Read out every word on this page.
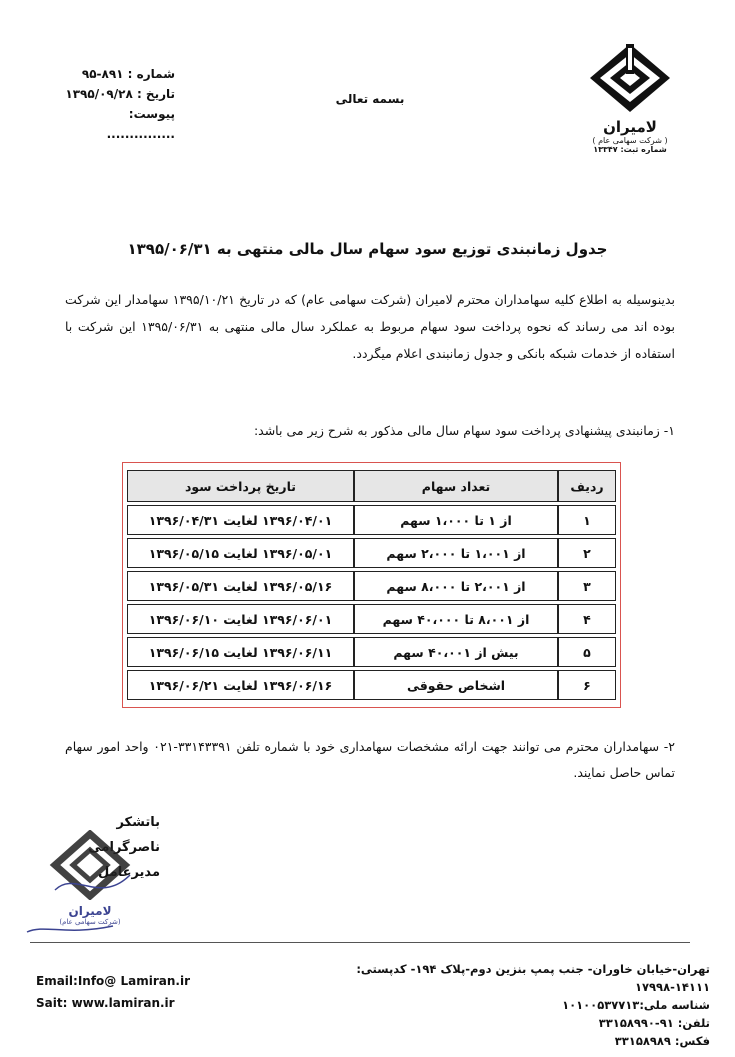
شماره : ۸۹۱-۹۵
تاریخ : ۱۳۹۵/۰۹/۲۸
پیوست: ...............
بسمه تعالی
لامیران
( شرکت سهامی عام )
شماره ثبت: ۱۳۳۴۷
جدول زمانبندی توزیع سود سهام سال مالی منتهی به ۱۳۹۵/۰۶/۳۱
بدینوسیله به اطلاع کلیه سهامداران محترم لامیران (شرکت سهامی عام) که در تاریخ ۱۳۹۵/۱۰/۲۱ سهامدار این شرکت بوده اند می رساند که نحوه پرداخت سود سهام مربوط به عملکرد سال مالی منتهی به ۱۳۹۵/۰۶/۳۱ این شرکت با استفاده از خدمات شبکه بانکی و جدول زمانبندی اعلام میگردد.
۱- زمانبندی پیشنهادی پرداخت سود سهام سال مالی مذکور به شرح زیر می باشد:
ردیف	تعداد سهام	تاریخ پرداخت سود
۱	از ۱ تا ۱،۰۰۰ سهم	۱۳۹۶/۰۴/۰۱ لغایت ۱۳۹۶/۰۴/۳۱
۲	از ۱،۰۰۱ تا ۲،۰۰۰ سهم	۱۳۹۶/۰۵/۰۱ لغایت ۱۳۹۶/۰۵/۱۵
۳	از ۲،۰۰۱ تا ۸،۰۰۰ سهم	۱۳۹۶/۰۵/۱۶ لغایت ۱۳۹۶/۰۵/۳۱
۴	از ۸،۰۰۱ تا ۴۰،۰۰۰ سهم	۱۳۹۶/۰۶/۰۱ لغایت ۱۳۹۶/۰۶/۱۰
۵	بیش از ۴۰،۰۰۱ سهم	۱۳۹۶/۰۶/۱۱ لغایت ۱۳۹۶/۰۶/۱۵
۶	اشخاص حقوقی	۱۳۹۶/۰۶/۱۶ لغایت ۱۳۹۶/۰۶/۲۱
۲- سهامداران محترم می توانند جهت ارائه مشخصات سهامداری خود با شماره تلفن ۳۳۱۴۳۳۹۱-۰۲۱ واحد امور سهام تماس حاصل نمایند.
باتشکر
ناصرگرامی
مدیرعامل
لامیران
(شرکت سهامی عام)
تهران-خیابان خاوران- جنب پمپ بنزین دوم-پلاک ۱۹۴- کدپستی: ۱۴۱۱۱-۱۷۹۹۸
شناسه ملی:۱۰۱۰۰۵۳۷۷۱۳
تلفن: ۹۱-۳۳۱۵۸۹۹۰
فکس: ۳۳۱۵۸۹۸۹
Email:Info@ Lamiran.ir
Sait: www.lamiran.ir
